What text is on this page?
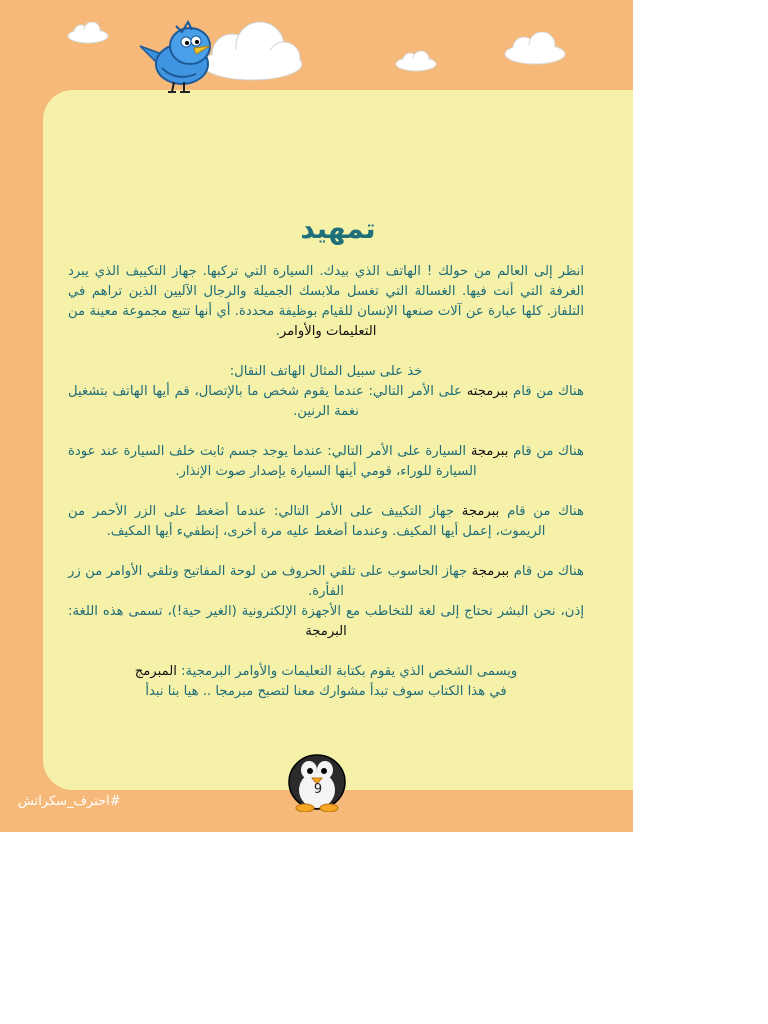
تمهيد

انظر إلى العالم من حولك ! الهاتف الذي بيدك. السيارة التي تركبها. جهاز التكييف الذي يبرد الغرفة التي أنت فيها. الغسالة التي تغسل ملابسك الجميلة والرجال الآليين الذين تراهم في التلفاز. كلها عبارة عن آلات صنعها الإنسان للقيام بوظيفة محددة. أي أنها تتبع مجموعة معينة من التعليمات والأوامر.

خذ على سبيل المثال الهاتف النقال:

هناك من قام ببرمجته على الأمر التالي: عندما يقوم شخص ما بالإتصال، قم أيها الهاتف بتشغيل نغمة الرنين.

هناك من قام ببرمجة السيارة على الأمر التالي: عندما يوجد جسم ثابت خلف السيارة عند عودة السيارة للوراء، قومي أيتها السيارة بإصدار صوت الإنذار.

هناك من قام ببرمجة جهاز التكييف على الأمر التالي: عندما أضغط على الزر الأحمر من الريموت، إعمل أيها المكيف. وعندما أضغط عليه مرة أخرى، إنطفيء أيها المكيف.

هناك من قام ببرمجة جهاز الحاسوب على تلقي الحروف من لوحة المفاتيح وتلقي الأوامر من زر الفأرة.

إذن، نحن البشر نحتاج إلى لغة للتخاطب مع الأجهزة الإلكترونية (الغير حية!)، تسمى هذه اللغة: البرمجة

ويسمى الشخص الذي يقوم بكتابة التعليمات والأوامر البرمجية: المبرمج

في هذا الكتاب سوف تبدأ مشوارك معنا لتصبح مبرمجا .. هيا بنا نبدأ

9
#احترف_سكراتش
